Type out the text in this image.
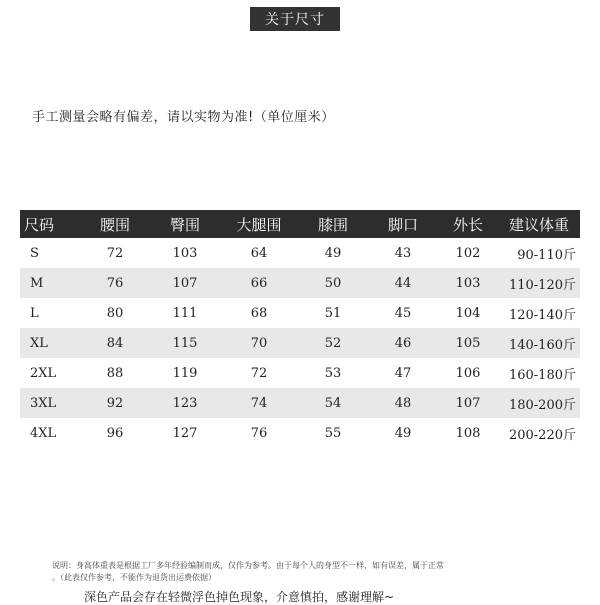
关于尺寸
手工测量会略有偏差，请以实物为准!（单位厘米）
尺码	腰围	臀围	大腿围	膝围	脚口	外长	建议体重
S	72	103	64	49	43	102	90-110斤
M	76	107	66	50	44	103	110-120斤
L	80	111	68	51	45	104	120-140斤
XL	84	115	70	52	46	105	140-160斤
2XL	88	119	72	53	47	106	160-180斤
3XL	92	123	74	54	48	107	180-200斤
4XL	96	127	76	55	49	108	200-220斤
说明：身高体重表是根据工厂多年经验编制而成，仅作为参考。由于每个人的身型不一样，如有误差，属于正常
。（此表仅作参考，不能作为退货出运费依据）
深色产品会存在轻微浮色掉色现象，介意慎拍，感谢理解~
